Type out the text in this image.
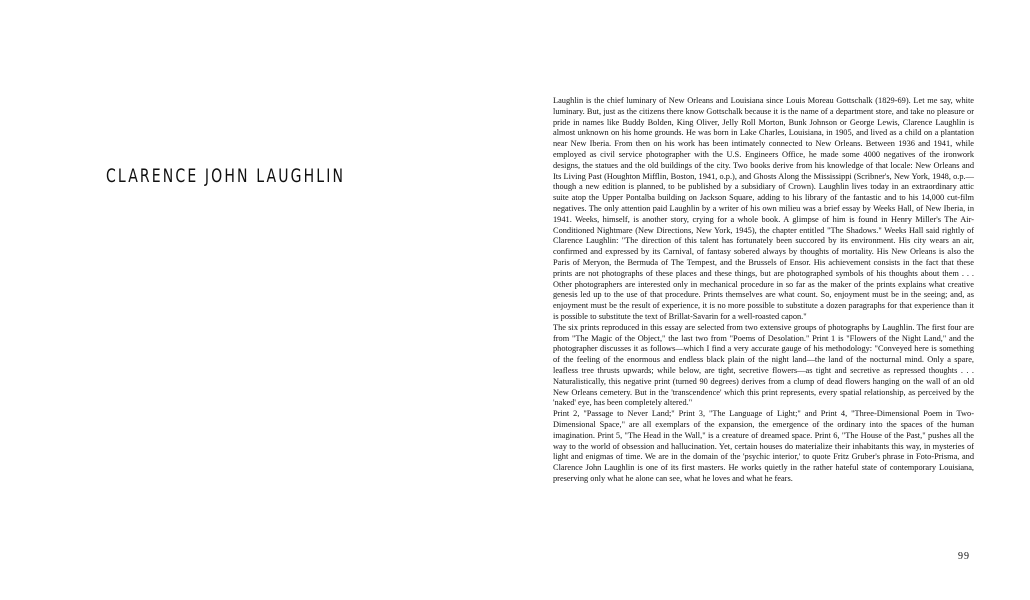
CLARENCE JOHN LAUGHLIN

Laughlin is the chief luminary of New Orleans and Louisiana since Louis Moreau Gottschalk (1829-69). Let me say, white luminary. But, just as the citizens there know Gottschalk because it is the name of a department store, and take no pleasure or pride in names like Buddy Bolden, King Oliver, Jelly Roll Morton, Bunk Johnson or George Lewis, Clarence Laughlin is almost unknown on his home grounds. He was born in Lake Charles, Louisiana, in 1905, and lived as a child on a plantation near New Iberia. From then on his work has been intimately connected to New Orleans. Between 1936 and 1941, while employed as civil service photographer with the U.S. Engineers Office, he made some 4000 negatives of the ironwork designs, the statues and the old buildings of the city. Two books derive from his knowledge of that locale: New Orleans and Its Living Past (Houghton Mifflin, Boston, 1941, o.p.), and Ghosts Along the Mississippi (Scribner's, New York, 1948, o.p.—though a new edition is planned, to be published by a subsidiary of Crown). Laughlin lives today in an extraordinary attic suite atop the Upper Pontalba building on Jackson Square, adding to his library of the fantastic and to his 14,000 cut-film negatives. The only attention paid Laughlin by a writer of his own milieu was a brief essay by Weeks Hall, of New Iberia, in 1941. Weeks, himself, is another story, crying for a whole book. A glimpse of him is found in Henry Miller's The Air-Conditioned Nightmare (New Directions, New York, 1945), the chapter entitled "The Shadows." Weeks Hall said rightly of Clarence Laughlin: "The direction of this talent has fortunately been succored by its environment. His city wears an air, confirmed and expressed by its Carnival, of fantasy sobered always by thoughts of mortality. His New Orleans is also the Paris of Meryon, the Bermuda of The Tempest, and the Brussels of Ensor. His achievement consists in the fact that these prints are not photographs of these places and these things, but are photographed symbols of his thoughts about them . . . Other photographers are interested only in mechanical procedure in so far as the maker of the prints explains what creative genesis led up to the use of that procedure. Prints themselves are what count. So, enjoyment must be in the seeing; and, as enjoyment must be the result of experience, it is no more possible to substitute a dozen paragraphs for that experience than it is possible to substitute the text of Brillat-Savarin for a well-roasted capon."

The six prints reproduced in this essay are selected from two extensive groups of photographs by Laughlin. The first four are from "The Magic of the Object," the last two from "Poems of Desolation." Print 1 is "Flowers of the Night Land," and the photographer discusses it as follows—which I find a very accurate gauge of his methodology: "Conveyed here is something of the feeling of the enormous and endless black plain of the night land—the land of the nocturnal mind. Only a spare, leafless tree thrusts upwards; while below, are tight, secretive flowers—as tight and secretive as repressed thoughts . . . Naturalistically, this negative print (turned 90 degrees) derives from a clump of dead flowers hanging on the wall of an old New Orleans cemetery. But in the 'transcendence' which this print represents, every spatial relationship, as perceived by the 'naked' eye, has been completely altered."

Print 2, "Passage to Never Land;" Print 3, "The Language of Light;" and Print 4, "Three-Dimensional Poem in Two-Dimensional Space," are all exemplars of the expansion, the emergence of the ordinary into the spaces of the human imagination. Print 5, "The Head in the Wall," is a creature of dreamed space. Print 6, "The House of the Past," pushes all the way to the world of obsession and hallucination. Yet, certain houses do materialize their inhabitants this way, in mysteries of light and enigmas of time. We are in the domain of the 'psychic interior,' to quote Fritz Gruber's phrase in Foto-Prisma, and Clarence John Laughlin is one of its first masters. He works quietly in the rather hateful state of contemporary Louisiana, preserving only what he alone can see, what he loves and what he fears.

99
